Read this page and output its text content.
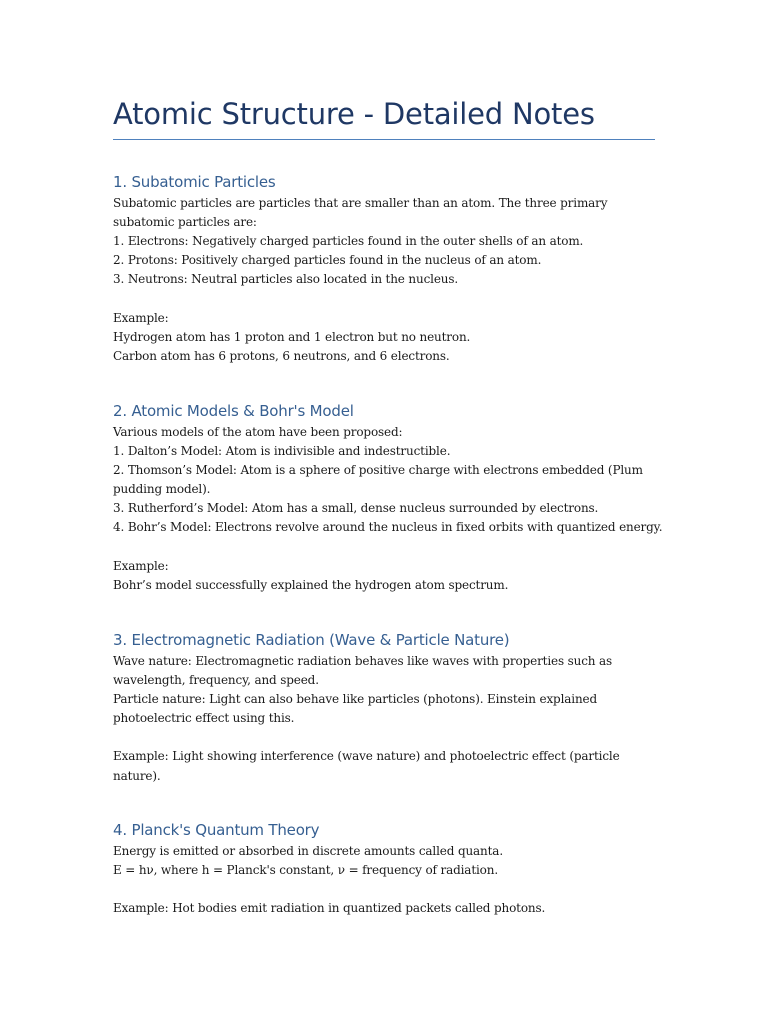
Atomic Structure - Detailed Notes
1. Subatomic Particles
Subatomic particles are particles that are smaller than an atom. The three primary
subatomic particles are:
1. Electrons: Negatively charged particles found in the outer shells of an atom.
2. Protons: Positively charged particles found in the nucleus of an atom.
3. Neutrons: Neutral particles also located in the nucleus.
Example:
Hydrogen atom has 1 proton and 1 electron but no neutron.
Carbon atom has 6 protons, 6 neutrons, and 6 electrons.
2. Atomic Models & Bohr's Model
Various models of the atom have been proposed:
1. Dalton’s Model: Atom is indivisible and indestructible.
2. Thomson’s Model: Atom is a sphere of positive charge with electrons embedded (Plum
pudding model).
3. Rutherford’s Model: Atom has a small, dense nucleus surrounded by electrons.
4. Bohr’s Model: Electrons revolve around the nucleus in fixed orbits with quantized energy.
Example:
Bohr’s model successfully explained the hydrogen atom spectrum.
3. Electromagnetic Radiation (Wave & Particle Nature)
Wave nature: Electromagnetic radiation behaves like waves with properties such as
wavelength, frequency, and speed.
Particle nature: Light can also behave like particles (photons). Einstein explained
photoelectric effect using this.
Example: Light showing interference (wave nature) and photoelectric effect (particle
nature).
4. Planck's Quantum Theory
Energy is emitted or absorbed in discrete amounts called quanta.
E = hν, where h = Planck's constant, ν = frequency of radiation.
Example: Hot bodies emit radiation in quantized packets called photons.
